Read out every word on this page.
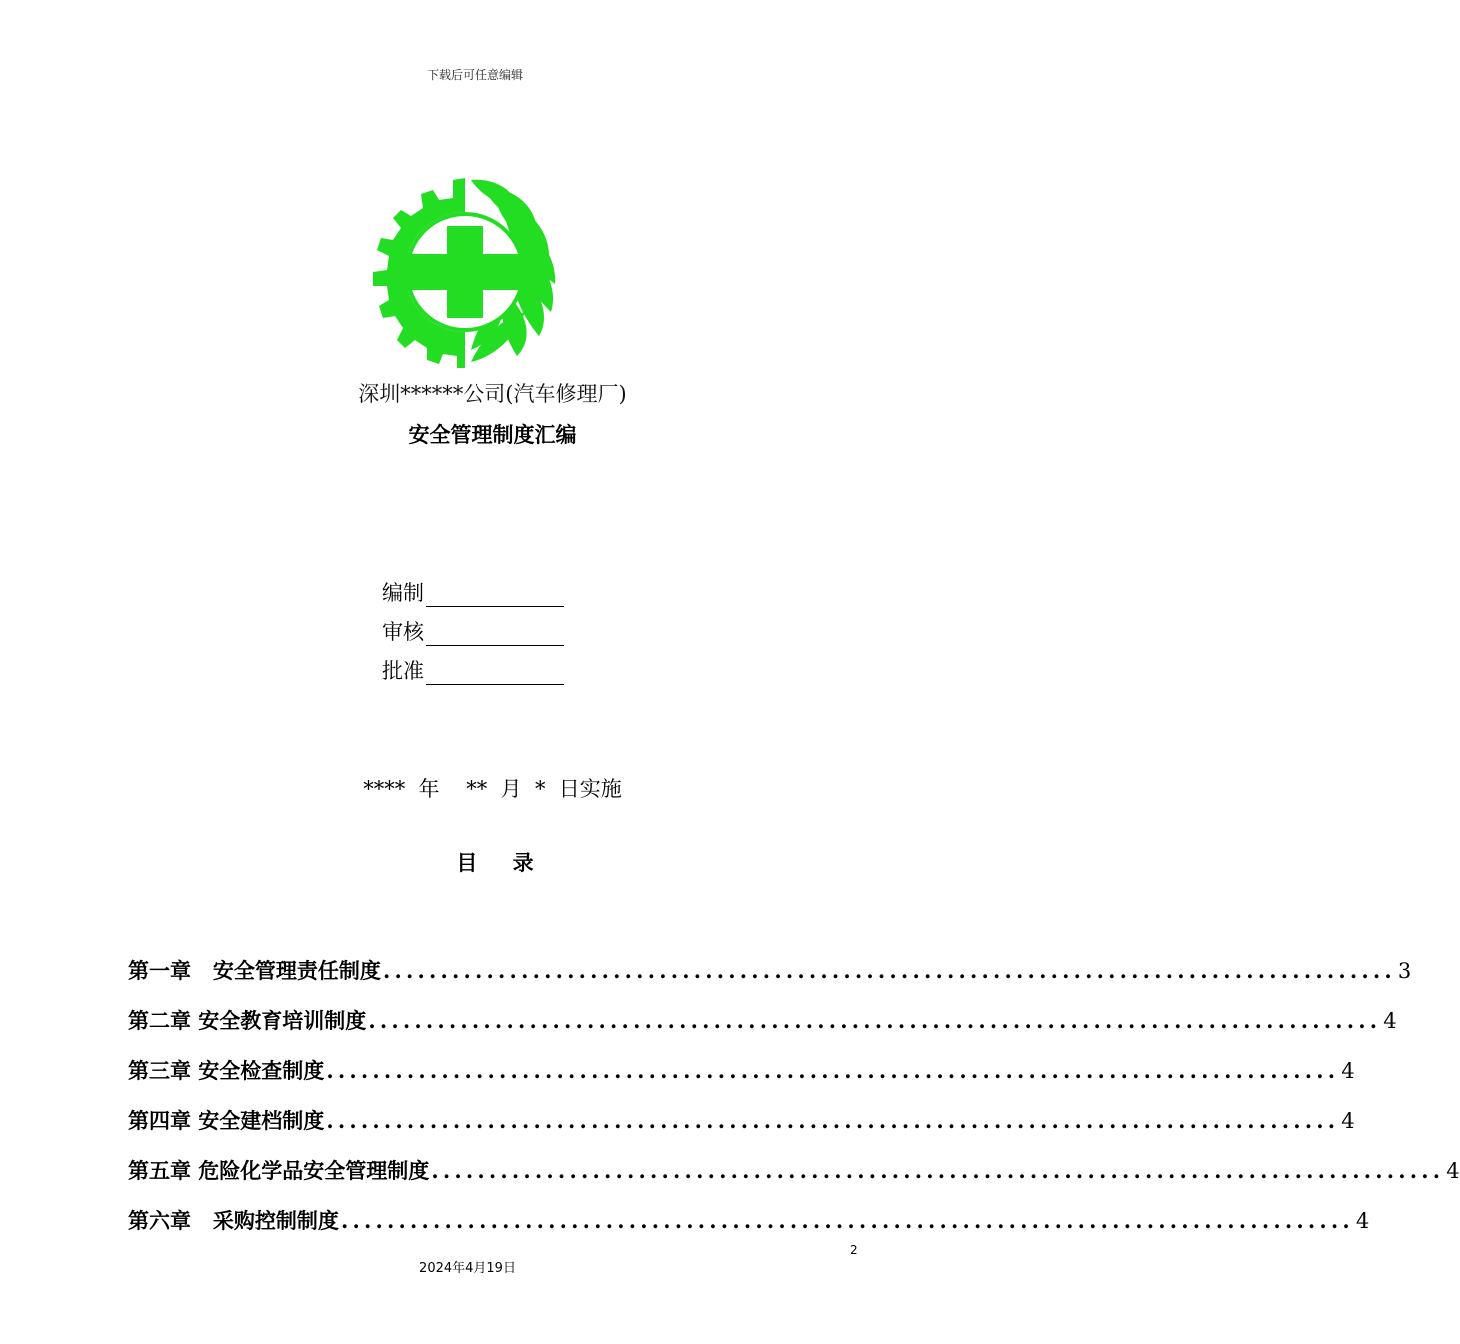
下载后可任意编辑
深圳******公司(汽车修理厂)
安全管理制度汇编
编制
审核
批准
****  年    **  月  *  日实施
目 录
第一章 安全管理责任制度 ........................................................................................ 3
第二章 安全教育培训制度 ........................................................................................ 4
第三章 安全检查制度 ........................................................................................ 4
第四章 安全建档制度 ........................................................................................ 4
第五章 危险化学品安全管理制度 ........................................................................................ 4
第六章 采购控制制度 ........................................................................................ 4
2
2024年4月19日
